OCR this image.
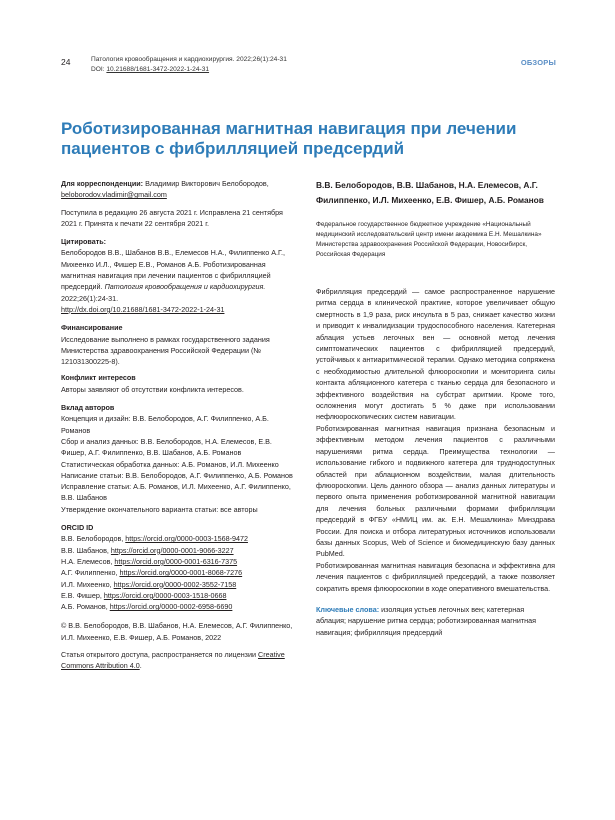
24	Патология кровообращения и кардиохирургия. 2022;26(1):24-31
DOI: 10.21688/1681-3472-2022-1-24-31
ОБЗОРЫ
Роботизированная магнитная навигация при лечении пациентов с фибрилляцией предсердий

Для корреспонденции: Владимир Викторович Белобородов, beloborodov.vladimir@gmail.com

Поступила в редакцию 26 августа 2021 г. Исправлена 21 сентября 2021 г. Принята к печати 22 сентября 2021 г.

Цитировать:

Белобородов В.В., Шабанов В.В., Елемесов Н.А., Филиппенко А.Г., Михеенко И.Л., Фишер Е.В., Романов А.Б. Роботизированная магнитная навигация при лечении пациентов с фибрилляцией предсердий. Патология кровообращения и кардиохирургия. 2022;26(1):24-31.
http://dx.doi.org/10.21688/1681-3472-2022-1-24-31

Финансирование

Исследование выполнено в рамках государственного задания Министерства здравоохранения Российской Федерации (№ 121031300225-8).

Конфликт интересов

Авторы заявляют об отсутствии конфликта интересов.

Вклад авторов

Концепция и дизайн: В.В. Белобородов, А.Г. Филиппенко, А.Б. Романов

Сбор и анализ данных: В.В. Белобородов, Н.А. Елемесов, Е.В. Фишер, А.Г. Филиппенко, В.В. Шабанов, А.Б. Романов

Статистическая обработка данных: А.Б. Романов, И.Л. Михеенко

Написание статьи: В.В. Белобородов, А.Г. Филиппенко, А.Б. Романов

Исправление статьи: А.Б. Романов, И.Л. Михеенко, А.Г. Филиппенко, В.В. Шабанов

Утверждение окончательного варианта статьи: все авторы

ORCID ID

В.В. Белобородов, https://orcid.org/0000-0003-1568-9472

В.В. Шабанов, https://orcid.org/0000-0001-9066-3227

Н.А. Елемесов, https://orcid.org/0000-0001-6316-7375

А.Г. Филиппенко, https://orcid.org/0000-0001-8068-7276

И.Л. Михеенко, https://orcid.org/0000-0002-3552-7158

Е.В. Фишер, https://orcid.org/0000-0003-1518-0668

А.Б. Романов, https://orcid.org/0000-0002-6958-6690

© В.В. Белобородов, В.В. Шабанов, Н.А. Елемесов, А.Г. Филиппенко, И.Л. Михеенко, Е.В. Фишер, А.Б. Романов, 2022

Статья открытого доступа, распространяется по лицензии Creative Commons Attribution 4.0.

В.В. Белобородов, В.В. Шабанов, Н.А. Елемесов, А.Г. Филиппенко, И.Л. Михеенко, Е.В. Фишер, А.Б. Романов

Федеральное государственное бюджетное учреждение «Национальный медицинский исследовательский центр имени академика Е.Н. Мешалкина» Министерства здравоохранения Российской Федерации, Новосибирск, Российская Федерация

Фибрилляция предсердий — самое распространенное нарушение ритма сердца в клинической практике, которое увеличивает общую смертность в 1,9 раза, риск инсульта в 5 раз, снижает качество жизни и приводит к инвалидизации трудоспособного населения. Катетерная аблация устьев легочных вен — основной метод лечения симптоматических пациентов с фибрилляцией предсердий, устойчивых к антиаритмической терапии. Однако методика сопряжена с необходимостью длительной флюороскопии и мониторинга силы контакта абляционного катетера с тканью сердца для безопасного и эффективного воздействия на субстрат аритмии. Кроме того, осложнения могут достигать 5 % даже при использовании нефлюороскопических систем навигации.

Роботизированная магнитная навигация признана безопасным и эффективным методом лечения пациентов с различными нарушениями ритма сердца. Преимущества технологии — использование гибкого и подвижного катетера для труднодоступных областей при аблационном воздействии, малая длительность флюороскопии. Цель данного обзора — анализ данных литературы и первого опыта применения роботизированной магнитной навигации для лечения больных различными формами фибрилляции предсердий в ФГБУ «НМИЦ им. ак. Е.Н. Мешалкина» Минздрава России. Для поиска и отбора литературных источников использовали базы данных Scopus, Web of Science и биомедицинскую базу данных PubMed.

Роботизированная магнитная навигация безопасна и эффективна для лечения пациентов с фибрилляцией предсердий, а также позволяет сократить время флюороскопии в ходе оперативного вмешательства.

Ключевые слова: изоляция устьев легочных вен; катетерная аблация; нарушение ритма сердца; роботизированная магнитная навигация; фибрилляция предсердий
